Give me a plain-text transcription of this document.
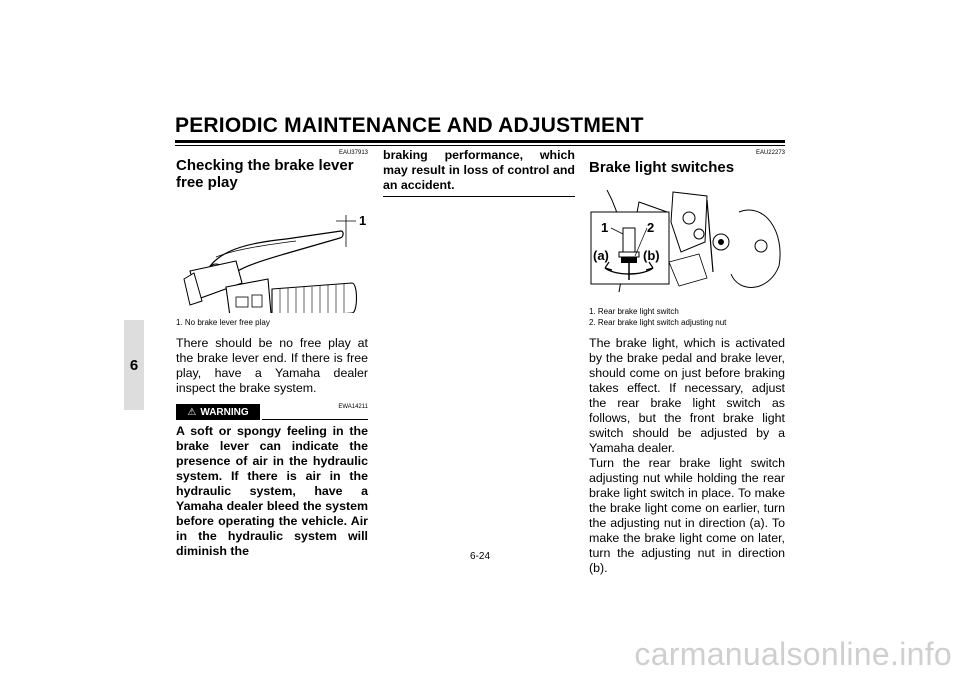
PERIODIC MAINTENANCE AND ADJUSTMENT
6
EAU37913
Checking the brake lever free play
1
1. No brake lever free play

There should be no free play at the brake lever end. If there is free play, have a Yamaha dealer inspect the brake system.

⚠ WARNING	EWA14211

A soft or spongy feeling in the brake lever can indicate the presence of air in the hydraulic system. If there is air in the hydraulic system, have a Yamaha dealer bleed the system before operating the vehicle. Air in the hydraulic system will diminish the

braking performance, which may result in loss of control and an accident.

EAU22273
Brake light switches
1	2
(a)	(b)
1. Rear brake light switch
2. Rear brake light switch adjusting nut

The brake light, which is activated by the brake pedal and brake lever, should come on just before braking takes effect. If necessary, adjust the rear brake light switch as follows, but the front brake light switch should be adjusted by a Yamaha dealer.

Turn the rear brake light switch adjusting nut while holding the rear brake light switch in place. To make the brake light come on earlier, turn the adjusting nut in direction (a). To make the brake light come on later, turn the adjusting nut in direction (b).

6-24
carmanualsonline.info
